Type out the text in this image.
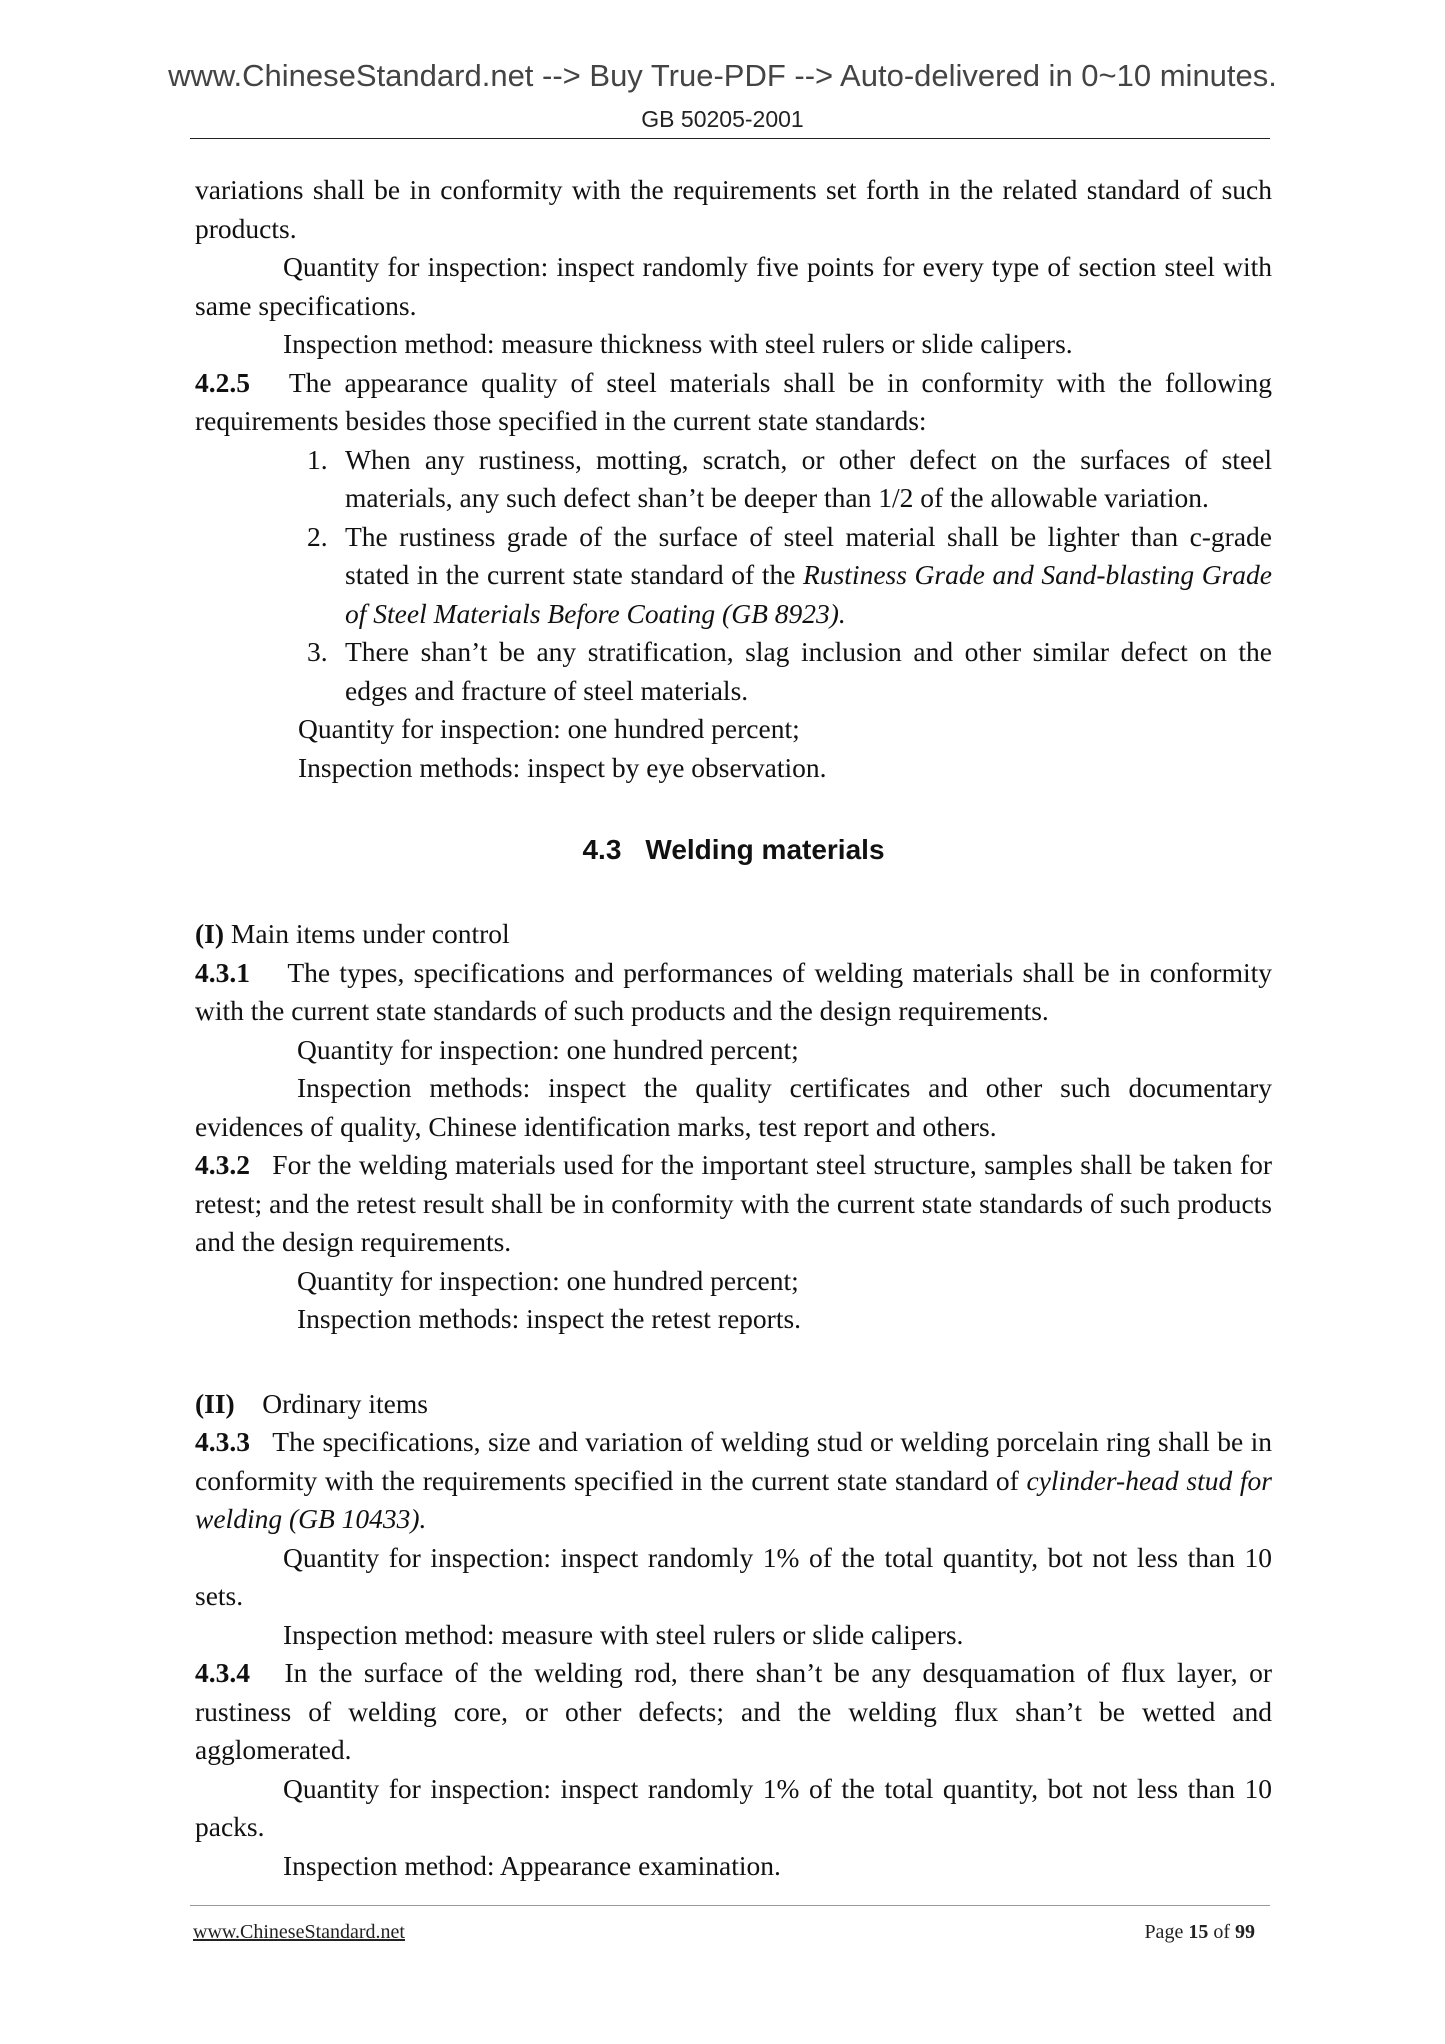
www.ChineseStandard.net --> Buy True-PDF --> Auto-delivered in 0~10 minutes.
GB 50205-2001

variations shall be in conformity with the requirements set forth in the related standard of such products.

Quantity for inspection: inspect randomly five points for every type of section steel with same specifications.

Inspection method: measure thickness with steel rulers or slide calipers.

4.2.5 The appearance quality of steel materials shall be in conformity with the following requirements besides those specified in the current state standards:

1. When any rustiness, motting, scratch, or other defect on the surfaces of steel materials, any such defect shan’t be deeper than 1/2 of the allowable variation.
2. The rustiness grade of the surface of steel material shall be lighter than c-grade stated in the current state standard of the Rustiness Grade and Sand-blasting Grade of Steel Materials Before Coating (GB 8923).
3. There shan’t be any stratification, slag inclusion and other similar defect on the edges and fracture of steel materials.

Quantity for inspection: one hundred percent;

Inspection methods: inspect by eye observation.

4.3 Welding materials

(I) Main items under control

4.3.1 The types, specifications and performances of welding materials shall be in conformity with the current state standards of such products and the design requirements.

Quantity for inspection: one hundred percent;

Inspection methods: inspect the quality certificates and other such documentary evidences of quality, Chinese identification marks, test report and others.

4.3.2 For the welding materials used for the important steel structure, samples shall be taken for retest; and the retest result shall be in conformity with the current state standards of such products and the design requirements.

Quantity for inspection: one hundred percent;

Inspection methods: inspect the retest reports.

(II) Ordinary items

4.3.3 The specifications, size and variation of welding stud or welding porcelain ring shall be in conformity with the requirements specified in the current state standard of cylinder-head stud for welding (GB 10433).

Quantity for inspection: inspect randomly 1% of the total quantity, bot not less than 10 sets.

Inspection method: measure with steel rulers or slide calipers.

4.3.4 In the surface of the welding rod, there shan’t be any desquamation of flux layer, or rustiness of welding core, or other defects; and the welding flux shan’t be wetted and agglomerated.

Quantity for inspection: inspect randomly 1% of the total quantity, bot not less than 10 packs.

Inspection method: Appearance examination.

www.ChineseStandard.net	Page 15 of 99
